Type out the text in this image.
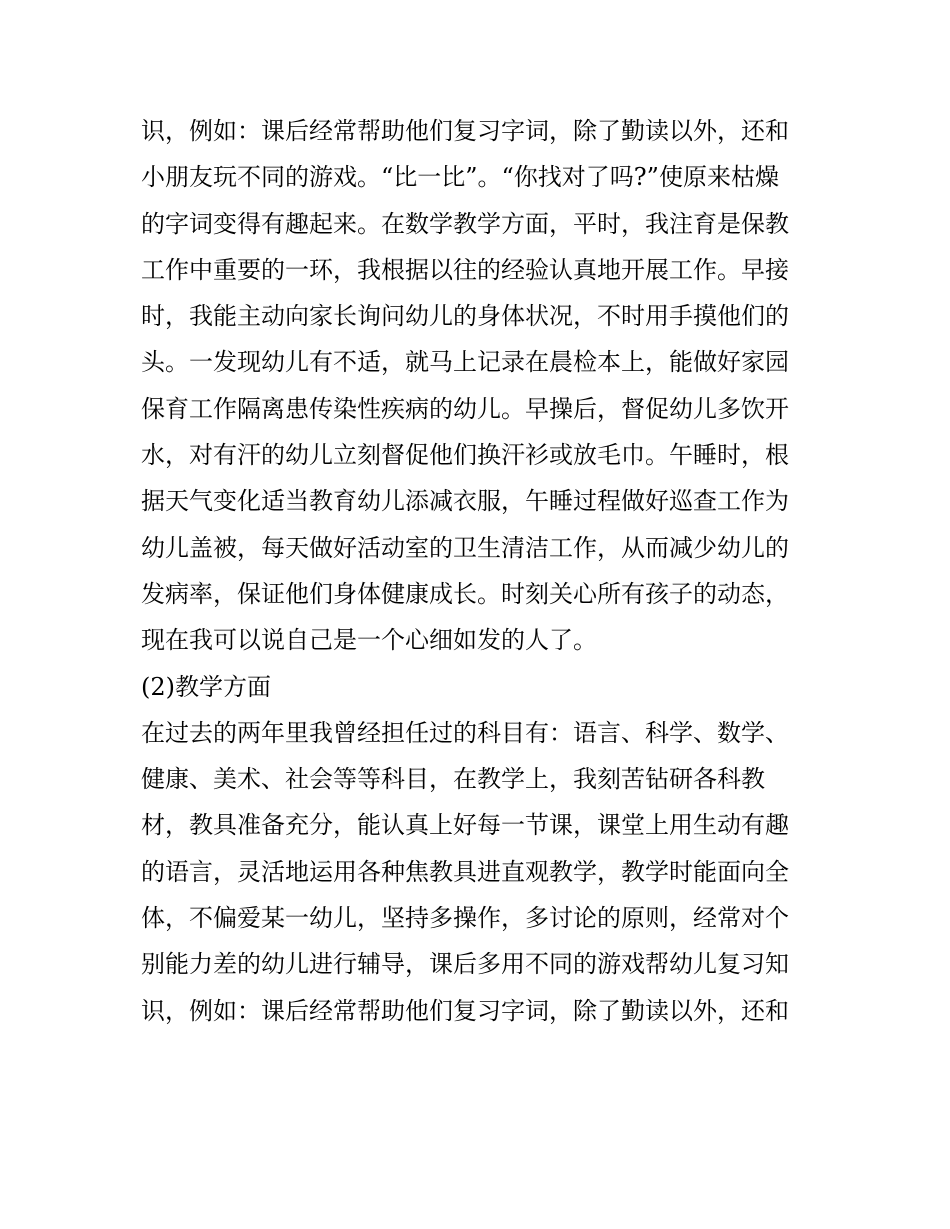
识，例如：课后经常帮助他们复习字词，除了勤读以外，还和
小朋友玩不同的游戏。“比一比”。“你找对了吗?”使原来枯燥
的字词变得有趣起来。在数学教学方面，平时，我注育是保教
工作中重要的一环，我根据以往的经验认真地开展工作。早接
时，我能主动向家长询问幼儿的身体状况，不时用手摸他们的
头。一发现幼儿有不适，就马上记录在晨检本上，能做好家园
保育工作隔离患传染性疾病的幼儿。早操后，督促幼儿多饮开
水，对有汗的幼儿立刻督促他们换汗衫或放毛巾。午睡时，根
据天气变化适当教育幼儿添减衣服，午睡过程做好巡查工作为
幼儿盖被，每天做好活动室的卫生清洁工作，从而减少幼儿的
发病率，保证他们身体健康成长。时刻关心所有孩子的动态，
现在我可以说自己是一个心细如发的人了。
(2)教学方面
在过去的两年里我曾经担任过的科目有：语言、科学、数学、
健康、美术、社会等等科目，在教学上，我刻苦钻研各科教
材，教具准备充分，能认真上好每一节课，课堂上用生动有趣
的语言，灵活地运用各种焦教具进直观教学，教学时能面向全
体，不偏爱某一幼儿，坚持多操作，多讨论的原则，经常对个
别能力差的幼儿进行辅导，课后多用不同的游戏帮幼儿复习知
识，例如：课后经常帮助他们复习字词，除了勤读以外，还和
